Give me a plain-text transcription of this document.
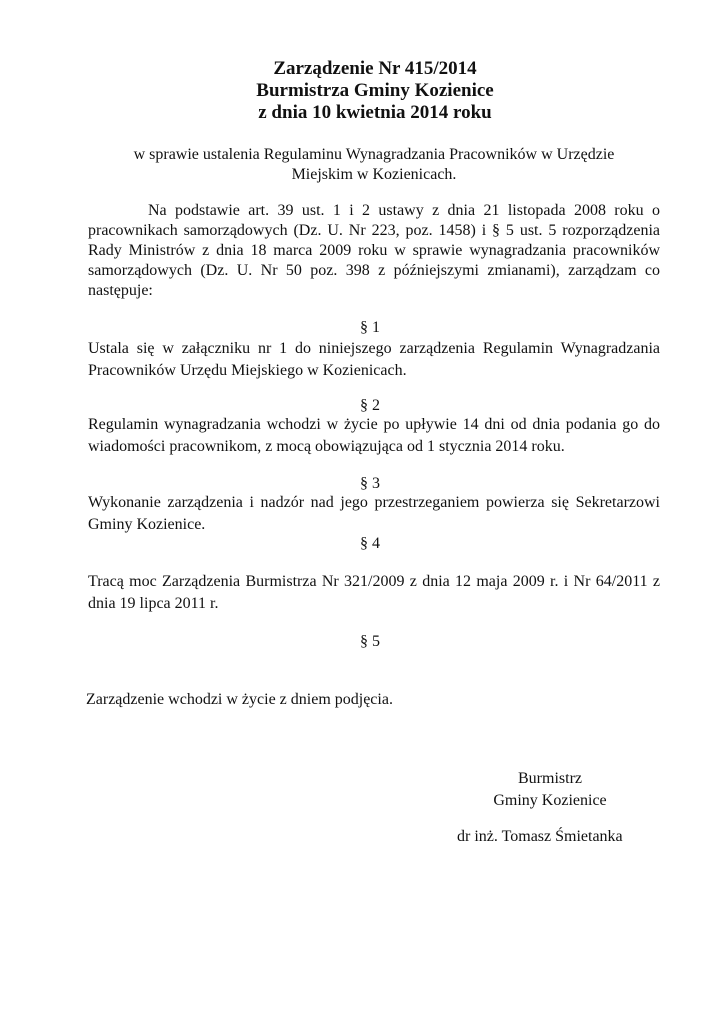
Zarządzenie Nr 415/2014
Burmistrza Gminy Kozienice
z dnia 10 kwietnia 2014 roku
w sprawie ustalenia Regulaminu Wynagradzania Pracowników w Urzędzie
Miejskim w Kozienicach.
Na podstawie art. 39 ust. 1 i 2 ustawy z dnia 21 listopada 2008 roku o pracownikach samorządowych (Dz. U. Nr 223, poz. 1458) i § 5 ust. 5 rozporządzenia Rady Ministrów z dnia 18 marca 2009 roku w sprawie wynagradzania pracowników samorządowych (Dz. U. Nr 50 poz. 398 z późniejszymi zmianami), zarządzam co następuje:
§ 1
Ustala się w załączniku nr 1 do niniejszego zarządzenia Regulamin Wynagradzania Pracowników Urzędu Miejskiego w Kozienicach.
§ 2
Regulamin wynagradzania wchodzi w życie po upływie 14 dni od dnia podania go do wiadomości pracownikom, z mocą obowiązująca od 1 stycznia 2014 roku.
§ 3
Wykonanie zarządzenia i nadzór nad jego przestrzeganiem powierza się Sekretarzowi Gminy Kozienice.
§ 4
Tracą moc Zarządzenia Burmistrza Nr 321/2009 z dnia 12 maja 2009 r. i Nr 64/2011 z dnia 19 lipca 2011 r.
§ 5
Zarządzenie wchodzi w życie z dniem podjęcia.
Burmistrz
Gminy Kozienice
dr inż. Tomasz Śmietanka
